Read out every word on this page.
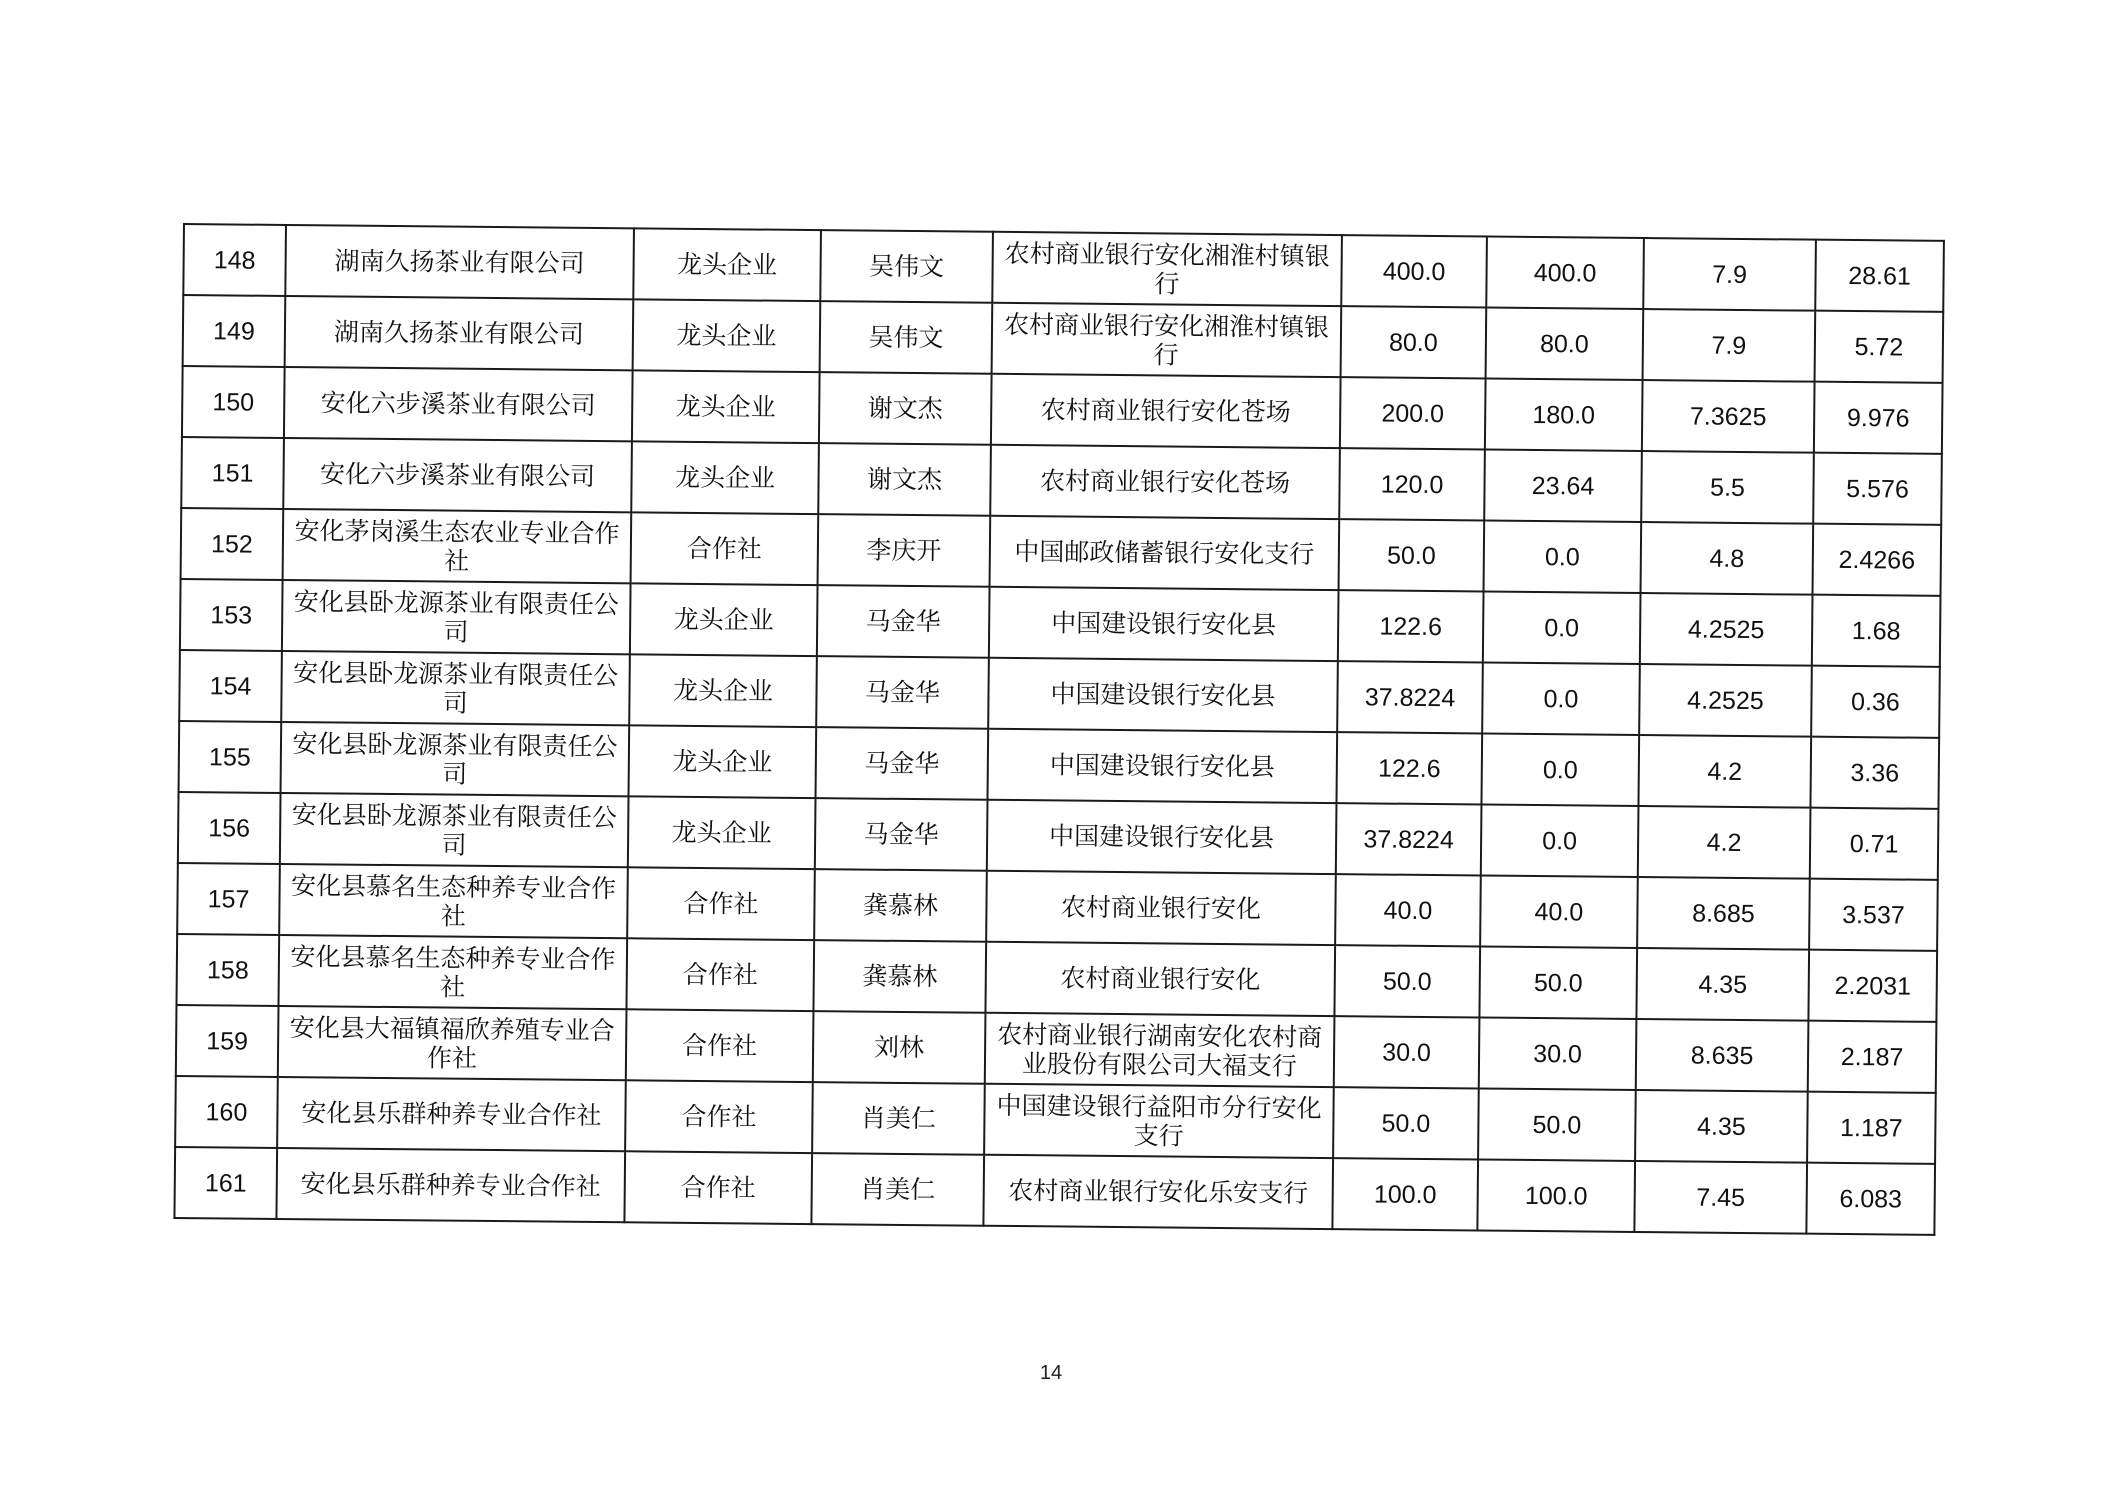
148	湖南久扬茶业有限公司	龙头企业	吴伟文	农村商业银行安化湘淮村镇银行	400.0	400.0	7.9	28.61
149	湖南久扬茶业有限公司	龙头企业	吴伟文	农村商业银行安化湘淮村镇银行	80.0	80.0	7.9	5.72
150	安化六步溪茶业有限公司	龙头企业	谢文杰	农村商业银行安化苍场	200.0	180.0	7.3625	9.976
151	安化六步溪茶业有限公司	龙头企业	谢文杰	农村商业银行安化苍场	120.0	23.64	5.5	5.576
152	安化茅岗溪生态农业专业合作社	合作社	李庆开	中国邮政储蓄银行安化支行	50.0	0.0	4.8	2.4266
153	安化县卧龙源茶业有限责任公司	龙头企业	马金华	中国建设银行安化县	122.6	0.0	4.2525	1.68
154	安化县卧龙源茶业有限责任公司	龙头企业	马金华	中国建设银行安化县	37.8224	0.0	4.2525	0.36
155	安化县卧龙源茶业有限责任公司	龙头企业	马金华	中国建设银行安化县	122.6	0.0	4.2	3.36
156	安化县卧龙源茶业有限责任公司	龙头企业	马金华	中国建设银行安化县	37.8224	0.0	4.2	0.71
157	安化县慕名生态种养专业合作社	合作社	龚慕林	农村商业银行安化	40.0	40.0	8.685	3.537
158	安化县慕名生态种养专业合作社	合作社	龚慕林	农村商业银行安化	50.0	50.0	4.35	2.2031
159	安化县大福镇福欣养殖专业合作社	合作社	刘林	农村商业银行湖南安化农村商业股份有限公司大福支行	30.0	30.0	8.635	2.187
160	安化县乐群种养专业合作社	合作社	肖美仁	中国建设银行益阳市分行安化支行	50.0	50.0	4.35	1.187
161	安化县乐群种养专业合作社	合作社	肖美仁	农村商业银行安化乐安支行	100.0	100.0	7.45	6.083
14
